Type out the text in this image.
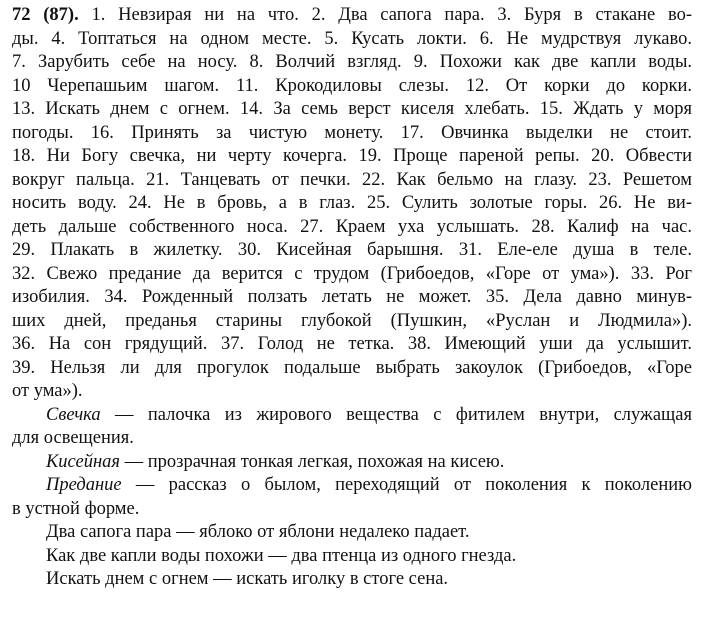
72 (87). 1. Невзирая ни на что. 2. Два сапога пара. 3. Буря в стакане во-
ды. 4. Топтаться на одном месте. 5. Кусать локти. 6. Не мудрствуя лукаво.
7. Зарубить себе на носу. 8. Волчий взгляд. 9. Похожи как две капли воды.
10 Черепашьим шагом. 11. Крокодиловы слезы. 12. От корки до корки.
13. Искать днем с огнем. 14. За семь верст киселя хлебать. 15. Ждать у моря
погоды. 16. Принять за чистую монету. 17. Овчинка выделки не стоит.
18. Ни Богу свечка, ни черту кочерга. 19. Проще пареной репы. 20. Обвести
вокруг пальца. 21. Танцевать от печки. 22. Как бельмо на глазу. 23. Решетом
носить воду. 24. Не в бровь, а в глаз. 25. Сулить золотые горы. 26. Не ви-
деть дальше собственного носа. 27. Краем уха услышать. 28. Калиф на час.
29. Плакать в жилетку. 30. Кисейная барышня. 31. Еле-еле душа в теле.
32. Свежо предание да верится с трудом (Грибоедов, «Горе от ума»). 33. Рог
изобилия. 34. Рожденный ползать летать не может. 35. Дела давно минув-
ших дней, преданья старины глубокой (Пушкин, «Руслан и Людмила»).
36. На сон грядущий. 37. Голод не тетка. 38. Имеющий уши да услышит.
39. Нельзя ли для прогулок подальше выбрать закоулок (Грибоедов, «Горе
от ума»).
Свечка — палочка из жирового вещества с фитилем внутри, служащая
для освещения.
Кисейная — прозрачная тонкая легкая, похожая на кисею.
Предание — рассказ о былом, переходящий от поколения к поколению
в устной форме.
Два сапога пара — яблоко от яблони недалеко падает.
Как две капли воды похожи — два птенца из одного гнезда.
Искать днем с огнем — искать иголку в стоге сена.
